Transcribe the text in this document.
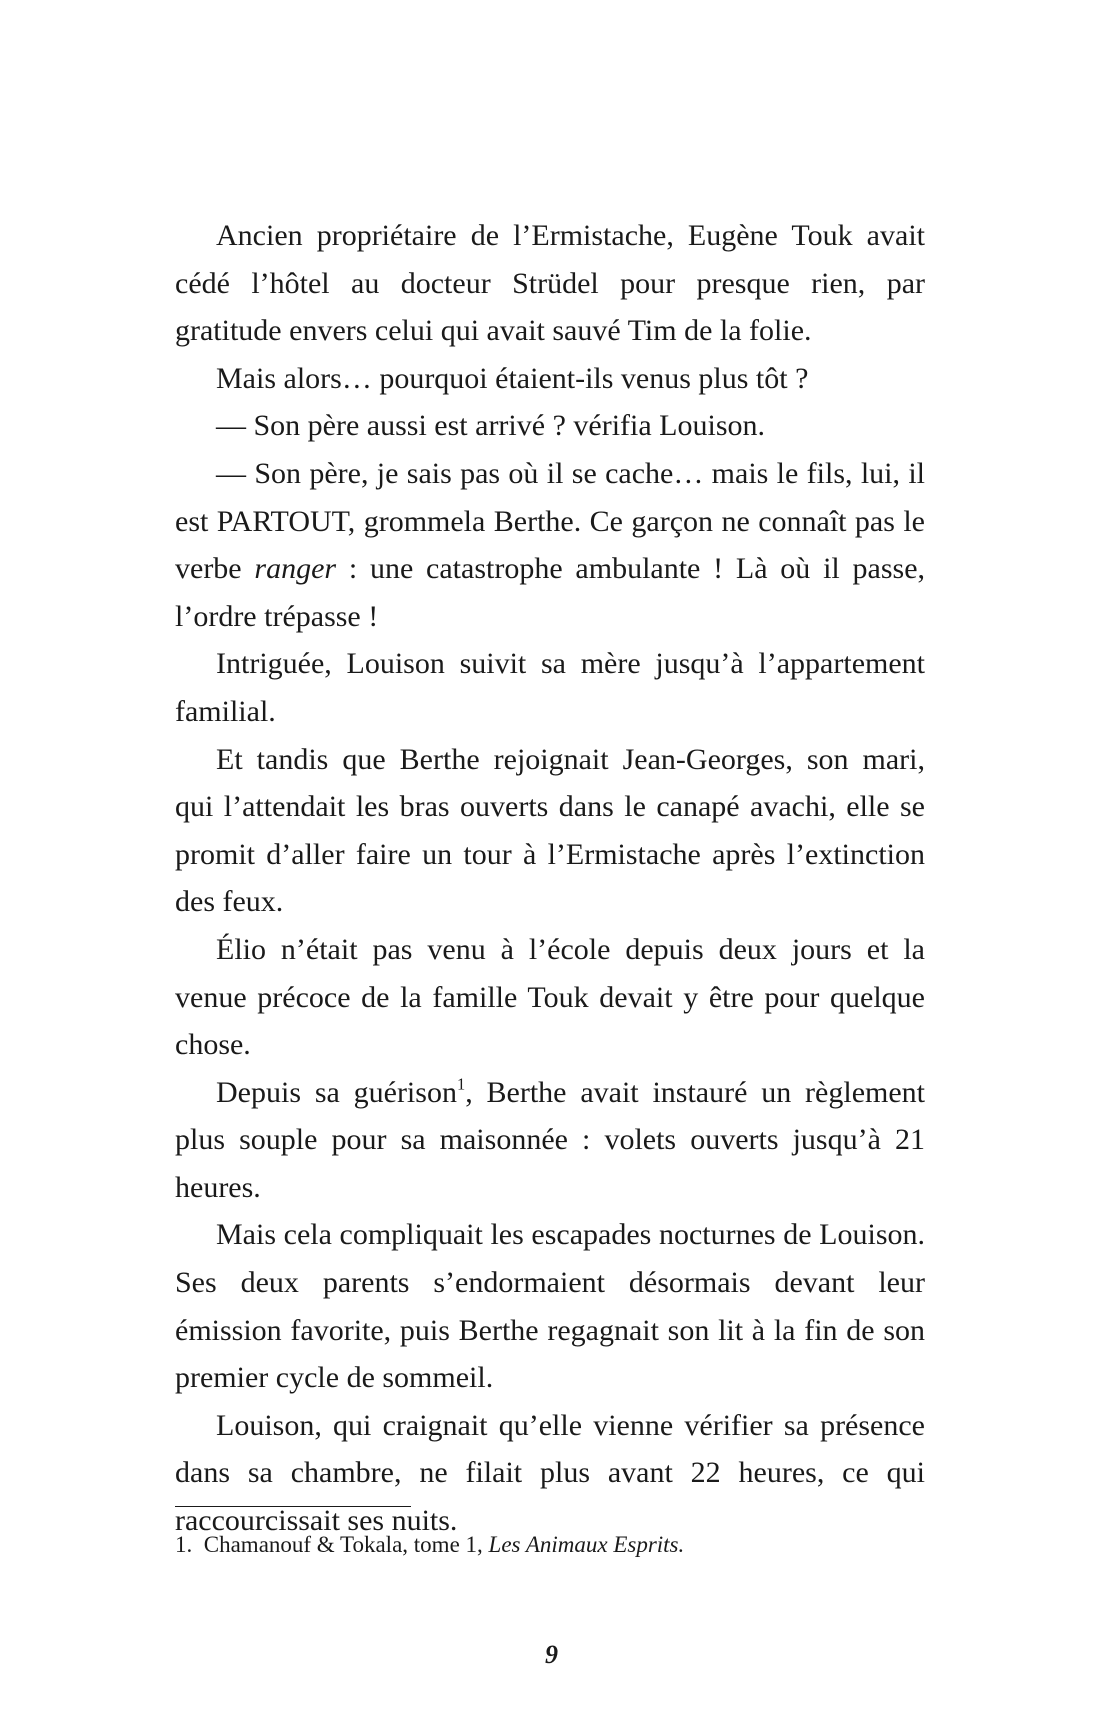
Ancien propriétaire de l’Ermistache, Eugène Touk avait cédé l’hôtel au docteur Strüdel pour presque rien, par gratitude envers celui qui avait sauvé Tim de la folie.

Mais alors… pourquoi étaient-ils venus plus tôt ?

— Son père aussi est arrivé ? vérifia Louison.

— Son père, je sais pas où il se cache… mais le fils, lui, il est PARTOUT, grommela Berthe. Ce garçon ne connaît pas le verbe ranger : une catastrophe ambulante ! Là où il passe, l’ordre trépasse !

Intriguée, Louison suivit sa mère jusqu’à l’appartement familial.

Et tandis que Berthe rejoignait Jean-Georges, son mari, qui l’attendait les bras ouverts dans le canapé avachi, elle se promit d’aller faire un tour à l’Ermistache après l’extinction des feux.

Élio n’était pas venu à l’école depuis deux jours et la venue précoce de la famille Touk devait y être pour quelque chose.

Depuis sa guérison$^1$, Berthe avait instauré un règlement plus souple pour sa maisonnée : volets ouverts jusqu’à 21 heures.

Mais cela compliquait les escapades nocturnes de Louison. Ses deux parents s’endormaient désormais devant leur émission favorite, puis Berthe regagnait son lit à la fin de son premier cycle de sommeil.

Louison, qui craignait qu’elle vienne vérifier sa présence dans sa chambre, ne filait plus avant 22 heures, ce qui raccourcissait ses nuits.

1. Chamanouf & Tokala, tome 1, Les Animaux Esprits.

9
